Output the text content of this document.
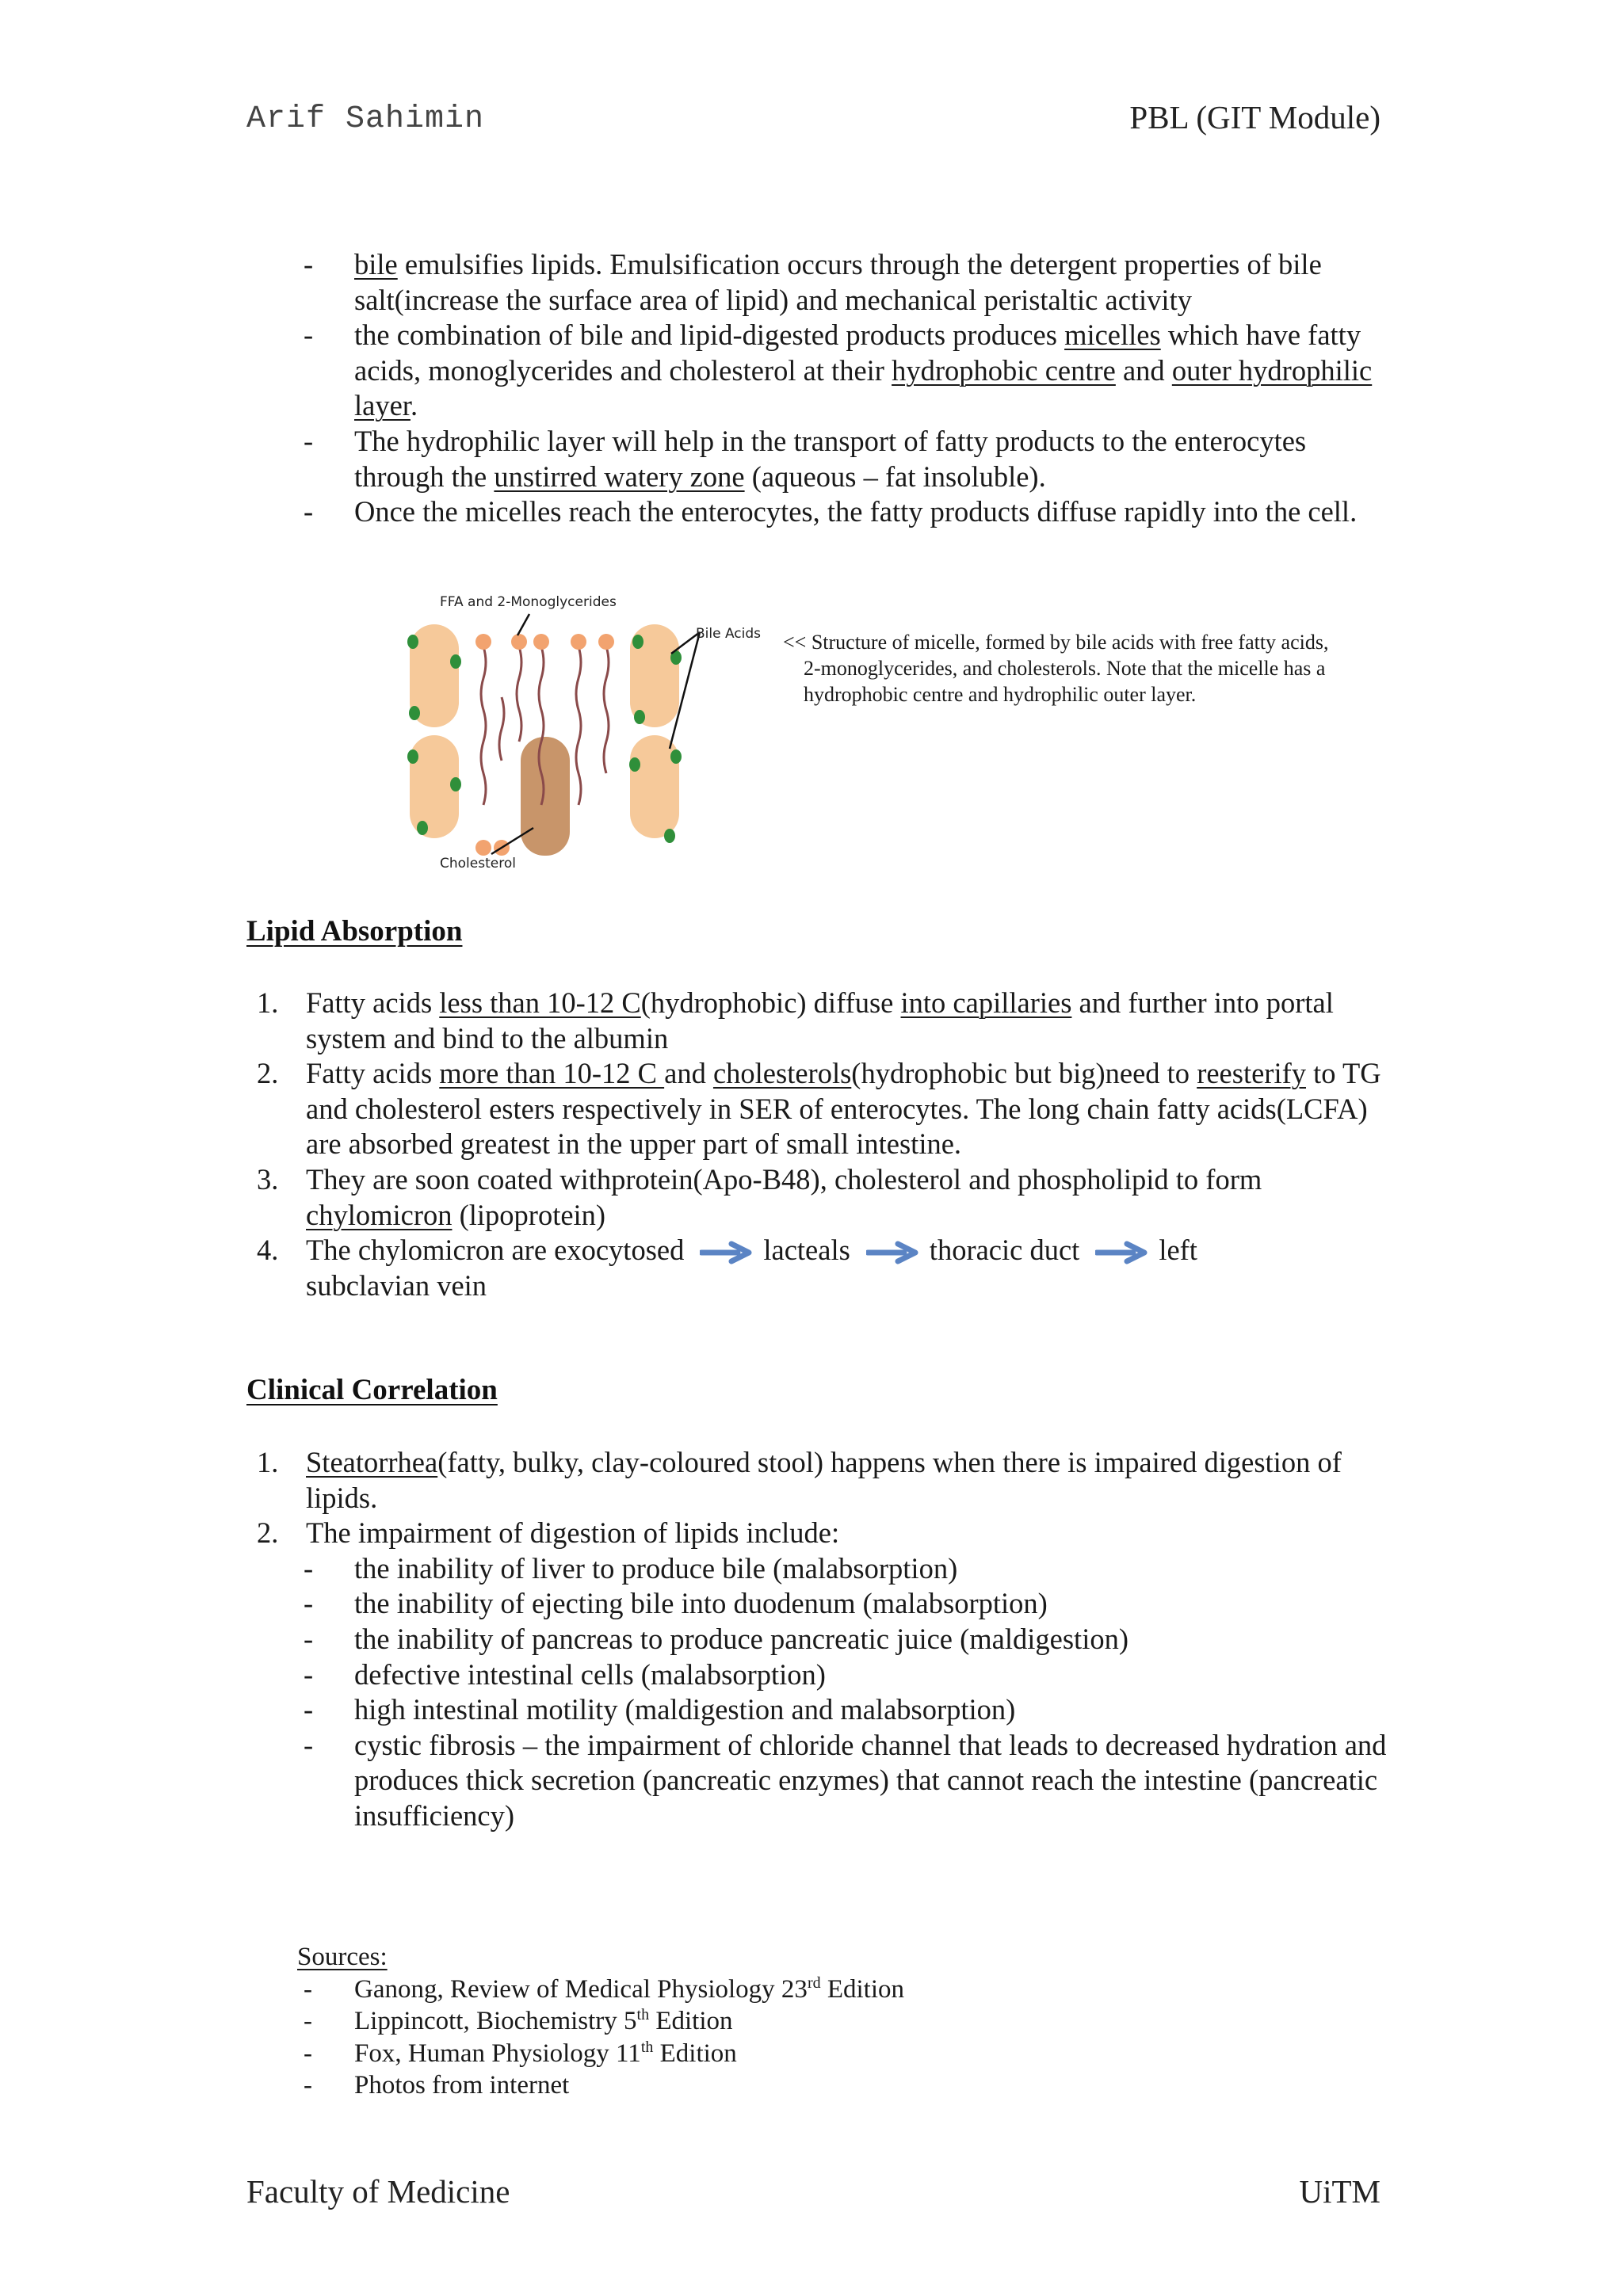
Arif Sahimin	PBL (GIT Module)
- bile emulsifies lipids. Emulsification occurs through the detergent properties of bile salt(increase the surface area of lipid) and mechanical peristaltic activity
- the combination of bile and lipid-digested products produces micelles which have fatty acids, monoglycerides and cholesterol at their hydrophobic centre and outer hydrophilic layer.
- The hydrophilic layer will help in the transport of fatty products to the enterocytes through the unstirred watery zone (aqueous – fat insoluble).
- Once the micelles reach the enterocytes, the fatty products diffuse rapidly into the cell.
FFA and 2-Monoglycerides
Bile Acids
Cholesterol
<< Structure of micelle, formed by bile acids with free fatty acids,
2-monoglycerides, and cholesterols. Note that the micelle has a
hydrophobic centre and hydrophilic outer layer.
Lipid Absorption
1. Fatty acids less than 10-12 C(hydrophobic) diffuse into capillaries and further into portal system and bind to the albumin
2. Fatty acids more than 10-12 C and cholesterols(hydrophobic but big)need to reesterify to TG and cholesterol esters respectively in SER of enterocytes. The long chain fatty acids(LCFA) are absorbed greatest in the upper part of small intestine.
3. They are soon coated withprotein(Apo-B48), cholesterol and phospholipid to form chylomicron (lipoprotein)
4. The chylomicron are exocytosed	lacteals	thoracic duct	left
subclavian vein
Clinical Correlation
1. Steatorrhea(fatty, bulky, clay-coloured stool) happens when there is impaired digestion of lipids.
2. The impairment of digestion of lipids include:
- the inability of liver to produce bile (malabsorption)
- the inability of ejecting bile into duodenum (malabsorption)
- the inability of pancreas to produce pancreatic juice (maldigestion)
- defective intestinal cells (malabsorption)
- high intestinal motility (maldigestion and malabsorption)
- cystic fibrosis – the impairment of chloride channel that leads to decreased hydration and produces thick secretion (pancreatic enzymes) that cannot reach the intestine (pancreatic insufficiency)
Sources:
- Ganong, Review of Medical Physiology 23rd Edition
- Lippincott, Biochemistry 5th Edition
- Fox, Human Physiology 11th Edition
- Photos from internet
Faculty of Medicine	UiTM
